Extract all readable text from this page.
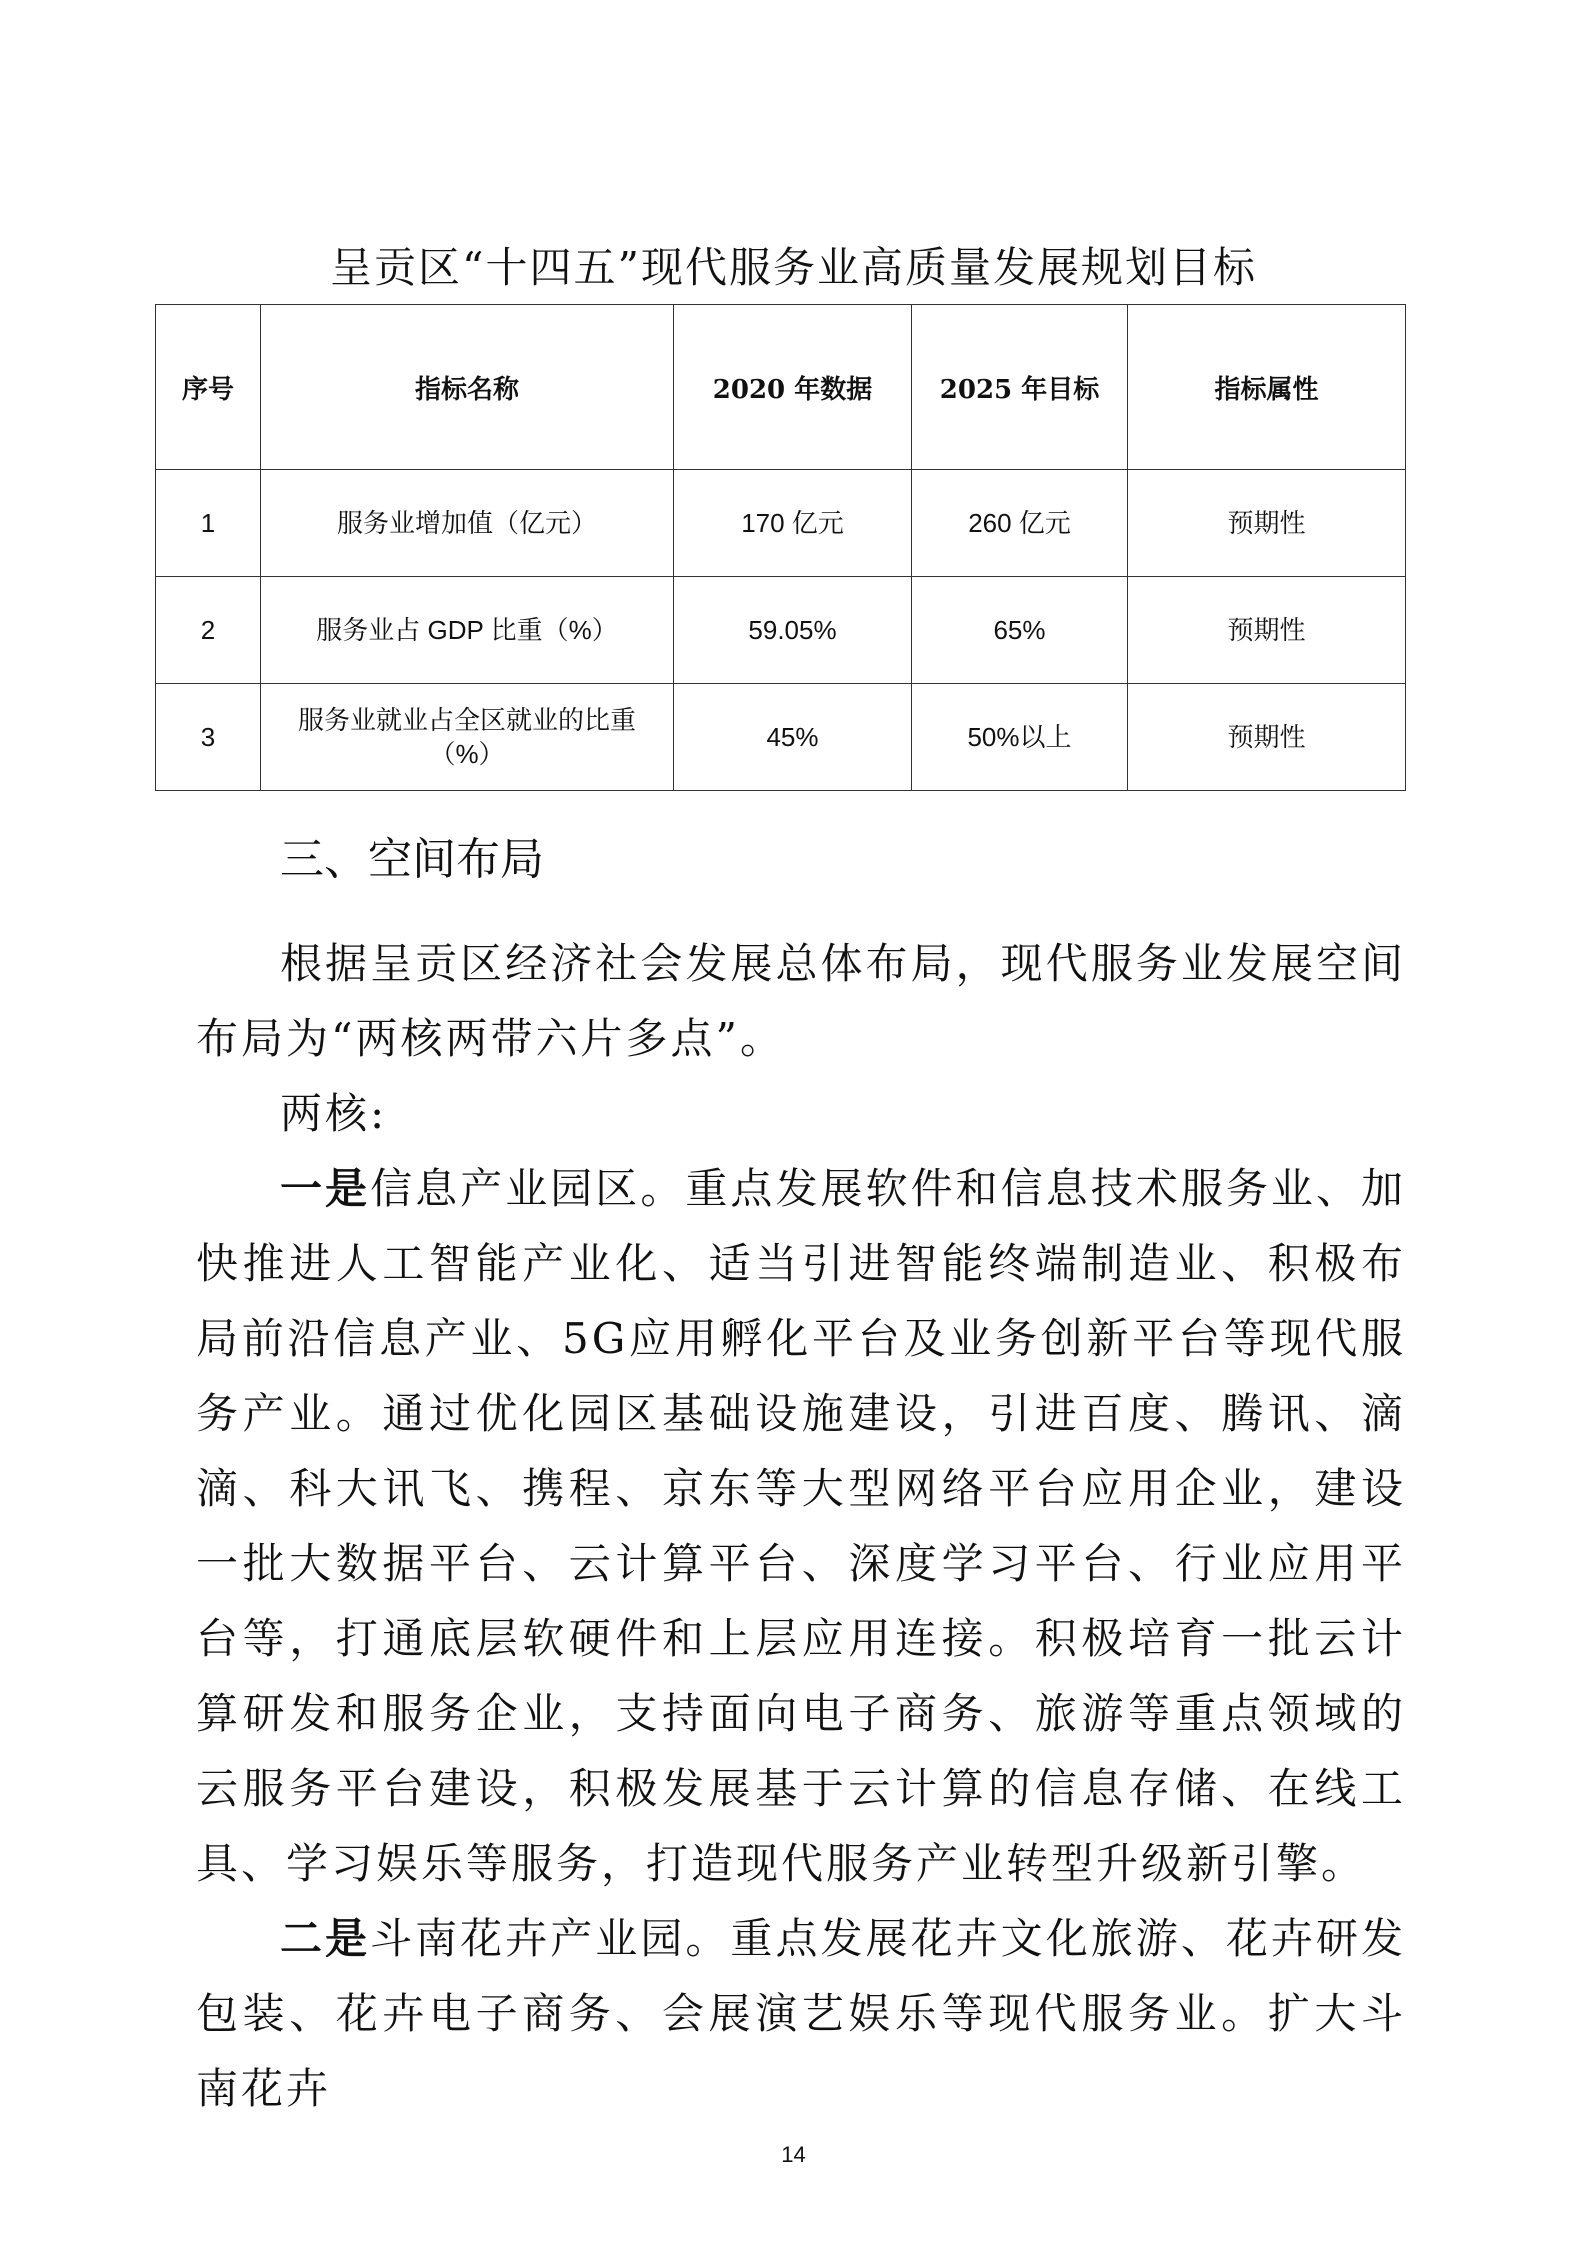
呈贡区“十四五”现代服务业高质量发展规划目标
序号	指标名称	2020 年数据	2025 年目标	指标属性
1	服务业增加值（亿元）	170 亿元	260 亿元	预期性
2	服务业占 GDP 比重（%）	59.05%	65%	预期性
3	服务业就业占全区就业的比重（%）	45%	50%以上	预期性
三、空间布局

根据呈贡区经济社会发展总体布局，现代服务业发展空间布局为“两核两带六片多点”。

两核:

一是信息产业园区。重点发展软件和信息技术服务业、加快推进人工智能产业化、适当引进智能终端制造业、积极布局前沿信息产业、5G应用孵化平台及业务创新平台等现代服务产业。通过优化园区基础设施建设，引进百度、腾讯、滴滴、科大讯飞、携程、京东等大型网络平台应用企业，建设一批大数据平台、云计算平台、深度学习平台、行业应用平台等，打通底层软硬件和上层应用连接。积极培育一批云计算研发和服务企业，支持面向电子商务、旅游等重点领域的云服务平台建设，积极发展基于云计算的信息存储、在线工具、学习娱乐等服务，打造现代服务产业转型升级新引擎。

二是斗南花卉产业园。重点发展花卉文化旅游、花卉研发包装、花卉电子商务、会展演艺娱乐等现代服务业。扩大斗南花卉

14
